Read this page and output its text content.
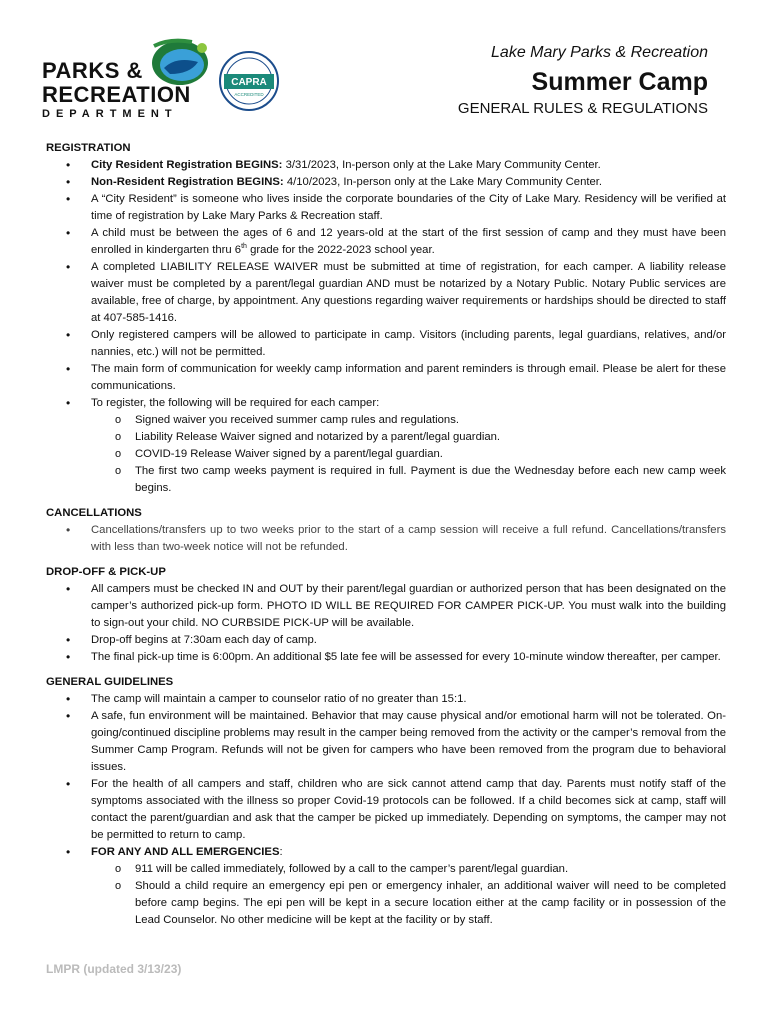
PARKS &
RECREATION
DEPARTMENT
CAPRA
ACCREDITED
Lake Mary Parks & Recreation
Summer Camp
GENERAL RULES & REGULATIONS
REGISTRATION
• City Resident Registration BEGINS: 3/31/2023, In-person only at the Lake Mary Community Center.
• Non-Resident Registration BEGINS: 4/10/2023, In-person only at the Lake Mary Community Center.
• A “City Resident” is someone who lives inside the corporate boundaries of the City of Lake Mary. Residency will be verified at time of registration by Lake Mary Parks & Recreation staff.
• A child must be between the ages of 6 and 12 years-old at the start of the first session of camp and they must have been enrolled in kindergarten thru 6th grade for the 2022-2023 school year.
• A completed LIABILITY RELEASE WAIVER must be submitted at time of registration, for each camper. A liability release waiver must be completed by a parent/legal guardian AND must be notarized by a Notary Public. Notary Public services are available, free of charge, by appointment. Any questions regarding waiver requirements or hardships should be directed to staff at 407-585-1416.
• Only registered campers will be allowed to participate in camp. Visitors (including parents, legal guardians, relatives, and/or nannies, etc.) will not be permitted.
• The main form of communication for weekly camp information and parent reminders is through email. Please be alert for these communications.
• To register, the following will be required for each camper:
o Signed waiver you received summer camp rules and regulations.
o Liability Release Waiver signed and notarized by a parent/legal guardian.
o COVID-19 Release Waiver signed by a parent/legal guardian.
o The first two camp weeks payment is required in full. Payment is due the Wednesday before each new camp week begins.
CANCELLATIONS
• Cancellations/transfers up to two weeks prior to the start of a camp session will receive a full refund. Cancellations/transfers with less than two-week notice will not be refunded.
DROP-OFF & PICK-UP
• All campers must be checked IN and OUT by their parent/legal guardian or authorized person that has been designated on the camper’s authorized pick-up form. PHOTO ID WILL BE REQUIRED FOR CAMPER PICK-UP. You must walk into the building to sign-out your child. NO CURBSIDE PICK-UP will be available.
• Drop-off begins at 7:30am each day of camp.
• The final pick-up time is 6:00pm. An additional $5 late fee will be assessed for every 10-minute window thereafter, per camper.
GENERAL GUIDELINES
• The camp will maintain a camper to counselor ratio of no greater than 15:1.
• A safe, fun environment will be maintained. Behavior that may cause physical and/or emotional harm will not be tolerated. On-going/continued discipline problems may result in the camper being removed from the activity or the camper’s removal from the Summer Camp Program. Refunds will not be given for campers who have been removed from the program due to behavioral issues.
• For the health of all campers and staff, children who are sick cannot attend camp that day. Parents must notify staff of the symptoms associated with the illness so proper Covid-19 protocols can be followed. If a child becomes sick at camp, staff will contact the parent/guardian and ask that the camper be picked up immediately. Depending on symptoms, the camper may not be permitted to return to camp.
• FOR ANY AND ALL EMERGENCIES:
o 911 will be called immediately, followed by a call to the camper’s parent/legal guardian.
o Should a child require an emergency epi pen or emergency inhaler, an additional waiver will need to be completed before camp begins. The epi pen will be kept in a secure location either at the camp facility or in possession of the Lead Counselor. No other medicine will be kept at the facility or by staff.
LMPR (updated 3/13/23)
